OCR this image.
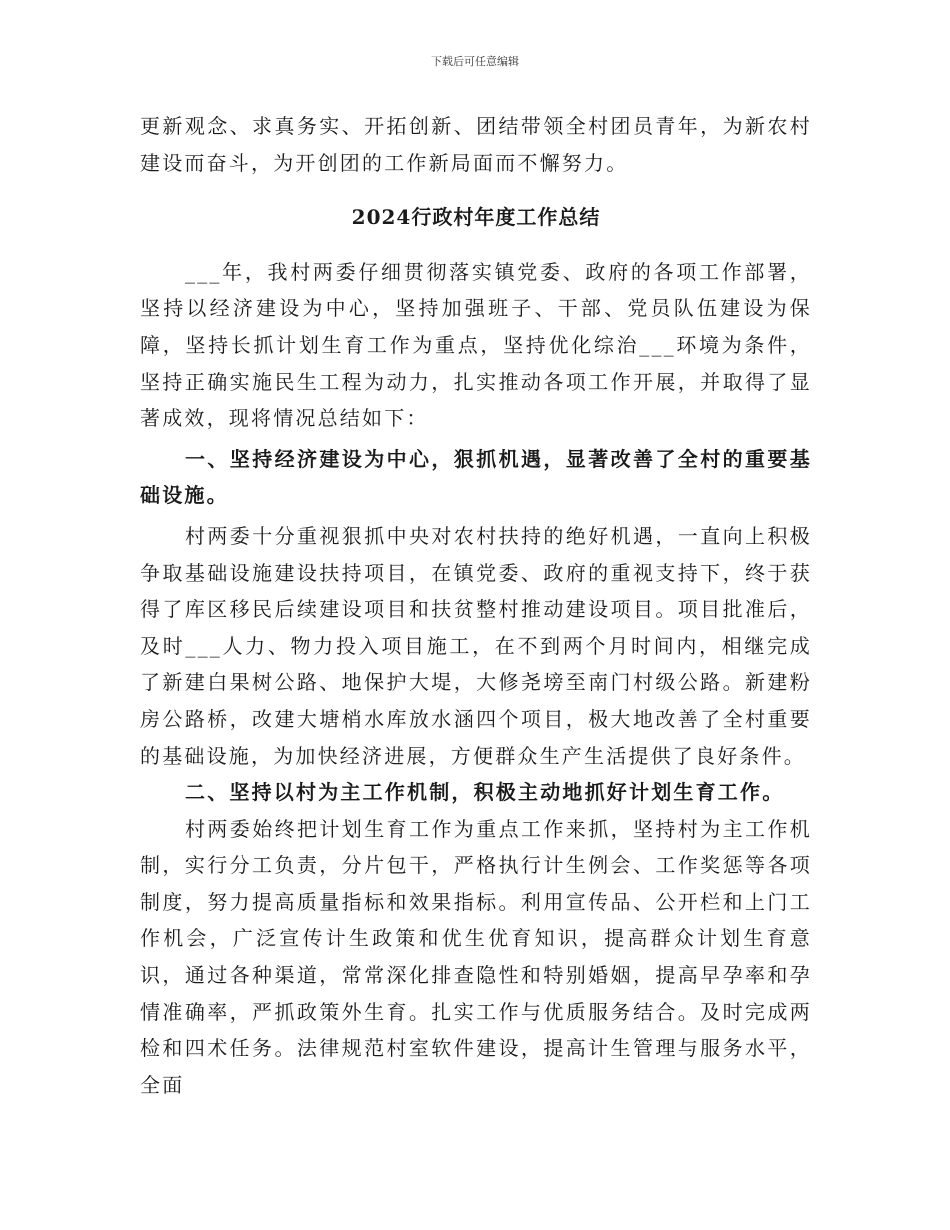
下载后可任意编辑

更新观念、求真务实、开拓创新、团结带领全村团员青年，为新农村建设而奋斗，为开创团的工作新局面而不懈努力。

2024行政村年度工作总结

___年，我村两委仔细贯彻落实镇党委、政府的各项工作部署，坚持以经济建设为中心，坚持加强班子、干部、党员队伍建设为保障，坚持长抓计划生育工作为重点，坚持优化综治___环境为条件，坚持正确实施民生工程为动力，扎实推动各项工作开展，并取得了显著成效，现将情况总结如下：

一、坚持经济建设为中心，狠抓机遇，显著改善了全村的重要基础设施。

村两委十分重视狠抓中央对农村扶持的绝好机遇，一直向上积极争取基础设施建设扶持项目，在镇党委、政府的重视支持下，终于获得了库区移民后续建设项目和扶贫整村推动建设项目。项目批准后，及时___人力、物力投入项目施工，在不到两个月时间内，相继完成了新建白果树公路、地保护大堤，大修尧塝至南门村级公路。新建粉房公路桥，改建大塘梢水库放水涵四个项目，极大地改善了全村重要的基础设施，为加快经济进展，方便群众生产生活提供了良好条件。

二、坚持以村为主工作机制，积极主动地抓好计划生育工作。

村两委始终把计划生育工作为重点工作来抓，坚持村为主工作机制，实行分工负责，分片包干，严格执行计生例会、工作奖惩等各项制度，努力提高质量指标和效果指标。利用宣传品、公开栏和上门工作机会，广泛宣传计生政策和优生优育知识，提高群众计划生育意识，通过各种渠道，常常深化排查隐性和特别婚姻，提高早孕率和孕情准确率，严抓政策外生育。扎实工作与优质服务结合。及时完成两检和四术任务。法律规范村室软件建设，提高计生管理与服务水平，全面
